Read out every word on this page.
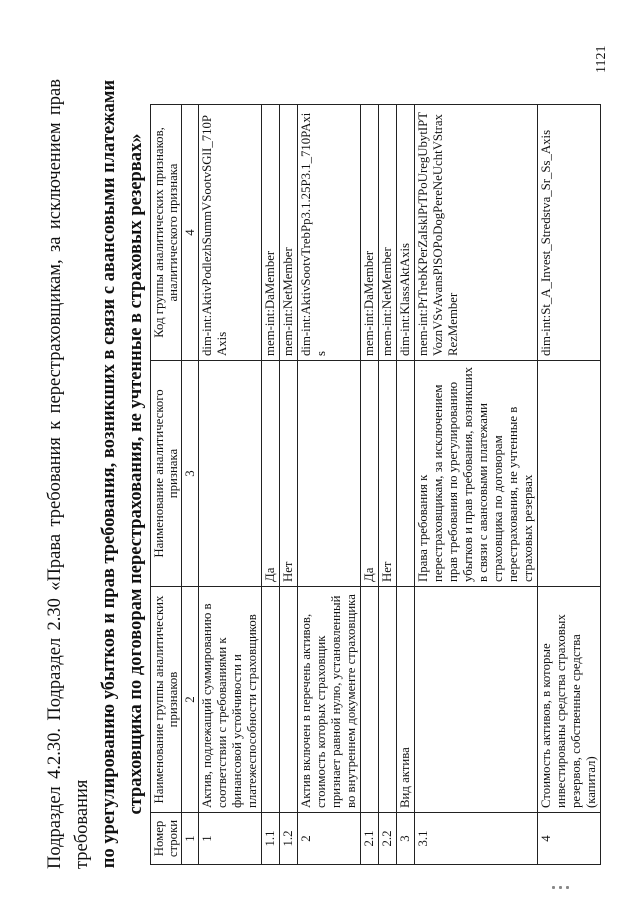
Подраздел 4.2.30. Подраздел 2.30 «Права требования к перестраховщикам, за исключением прав требования по урегулированию убытков и прав требования, возникших в связи с авансовыми платежами страховщика по договорам перестрахования, не учтенные в страховых резервах»
Номер строки	Наименование группы аналитических признаков	Наименование аналитического признака	Код группы аналитических признаков, аналитического признака
1	2	3	4
1	Актив, подлежащий суммированию в соответствии с требованиями к финансовой устойчивости и платежеспособности страховщиков		dim-int:AktivPodlezhSummVSootvSGlI_710PAxis
1.1		Да	mem-int:DaMember
1.2		Нет	mem-int:NetMember
2	Актив включен в перечень активов, стоимость которых страховщик признает равной нулю, установленный во внутреннем документе страховщика		dim-int:AktivSootvTrebPp3.1.25P3.1_710PAxis
2.1		Да	mem-int:DaMember
2.2		Нет	mem-int:NetMember
3	Вид актива		dim-int:KlassAktAxis
3.1		Права требования к перестраховщикам, за исключением прав требования по урегулированию убытков и прав требования, возникших в связи с авансовыми платежами страховщика по договорам перестрахования, не учтенные в страховых резервах	mem-int:PrTrebKPerZaIsklPrTPoUregUbytIPTVoznVSvAvansPlSOPoDogPereNeUchtVStraxRezMember
4	Стоимость активов, в которые инвестированы средства страховых резервов, собственные средства (капитал)		dim-int:St_A_Invest_Stredstva_Sr_Ss_Axis
1121
